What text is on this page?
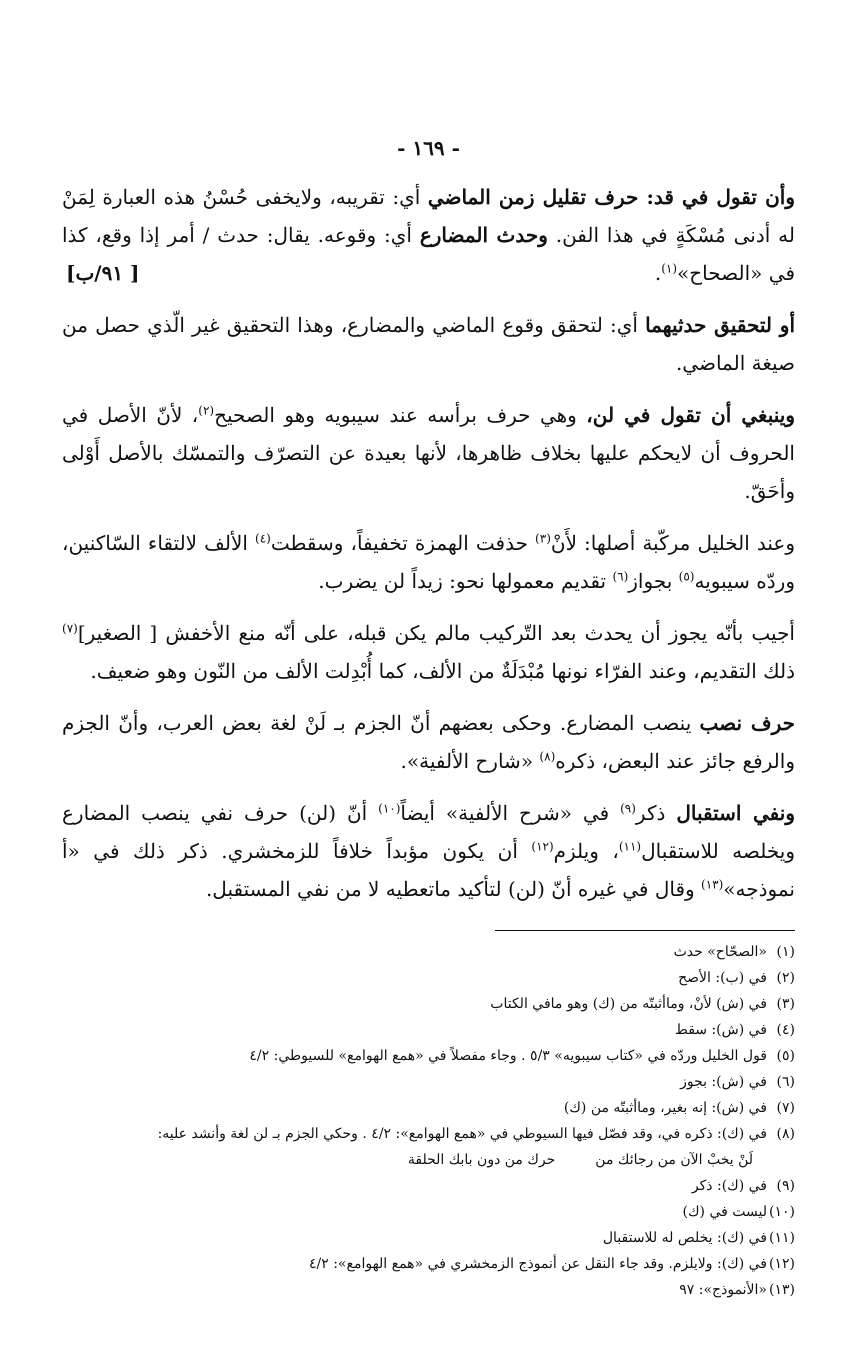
- ١٦٩ -

وأن تقول في قد: حرف تقليل زمن الماضي أي: تقريبه، ولايخفى حُسْنُ هذه العبارة لِمَنْ له أدنى مُسْكَةٍ في هذا الفن. وحدث المضارع أي: وقوعه. يقال: حدث / أمر إذا وقع، كذا في «الصحاح»$^{(١)}$.
[ ٩١/ب]

أو لتحقيق حدثيهما أي: لتحقق وقوع الماضي والمضارع، وهذا التحقيق غير الّذي حصل من صيغة الماضي.

وينبغي أن تقول في لن، وهي حرف برأسه عند سيبويه وهو الصحيح$^{(٢)}$، لأنّ الأصل في الحروف أن لايحكم عليها بخلاف ظاهرها، لأنها بعيدة عن التصرّف والتمسّك بالأصل أَوْلى وأحَقّ.

وعند الخليل مركّبة أصلها: لأَنْ$^{(٣)}$ حذفت الهمزة تخفيفاً، وسقطت$^{(٤)}$ الألف لالتقاء السّاكنين، وردّه سيبويه$^{(٥)}$ بجواز$^{(٦)}$ تقديم معمولها نحو: زيداً لن يضرب.

أجيب بأنّه يجوز أن يحدث بعد التّركيب مالم يكن قبله، على أنّه منع الأخفش [ الصغير]$^{(٧)}$ ذلك التقديم، وعند الفرّاء نونها مُبْدَلَةٌ من الألف، كما أُبْدِلت الألف من النّون وهو ضعيف.

حرف نصب ينصب المضارع. وحكى بعضهم أنّ الجزم بـ لَنْ لغة بعض العرب، وأنّ الجزم والرفع جائز عند البعض، ذكره$^{(٨)}$ «شارح الألفية».

ونفي استقبال ذكر$^{(٩)}$ في «شرح الألفية» أيضاً$^{(١٠)}$ أنّ (لن) حرف نفي ينصب المضارع ويخلصه للاستقبال$^{(١١)}$، ويلزم$^{(١٢)}$ أن يكون مؤبداً خلافاً للزمخشري. ذكر ذلك في «أ نموذجه»$^{(١٣)}$ وقال في غيره أنّ (لن) لتأكيد ماتعطيه لا من نفي المستقبل.

(١)«الصحّاح» حدث
(٢)في (ب): الأصح
(٣)في (ش) لأنْ، وماأثبتّه من (ك) وهو مافي الكتاب
(٤)في (ش): سقط
(٥)قول الخليل وردّه في «كتاب سيبويه» ٥/٣ . وجاء مفصلاً في «همع الهوامع» للسيوطي: ٤/٢
(٦)في (ش): بجوز
(٧)في (ش): إنه بغير، وماأثبتّه من (ك)
(٨)في (ك): ذكره في، وقد فصّل فيها السيوطي في «همع الهوامع»: ٤/٢ . وحكي الجزم بـ لن لغة وأنشد عليه:
لَنْ يخبْ الآن من رجائك من
حرك من دون بابك الحلقة
(٩)في (ك): ذكر
(١٠)ليست في (ك)
(١١)في (ك): يخلص له للاستقبال
(١٢)في (ك): ولايلزم. وقد جاء النقل عن أنموذج الزمخشري في «همع الهوامع»: ٤/٢
(١٣)«الأنموذج»: ٩٧
